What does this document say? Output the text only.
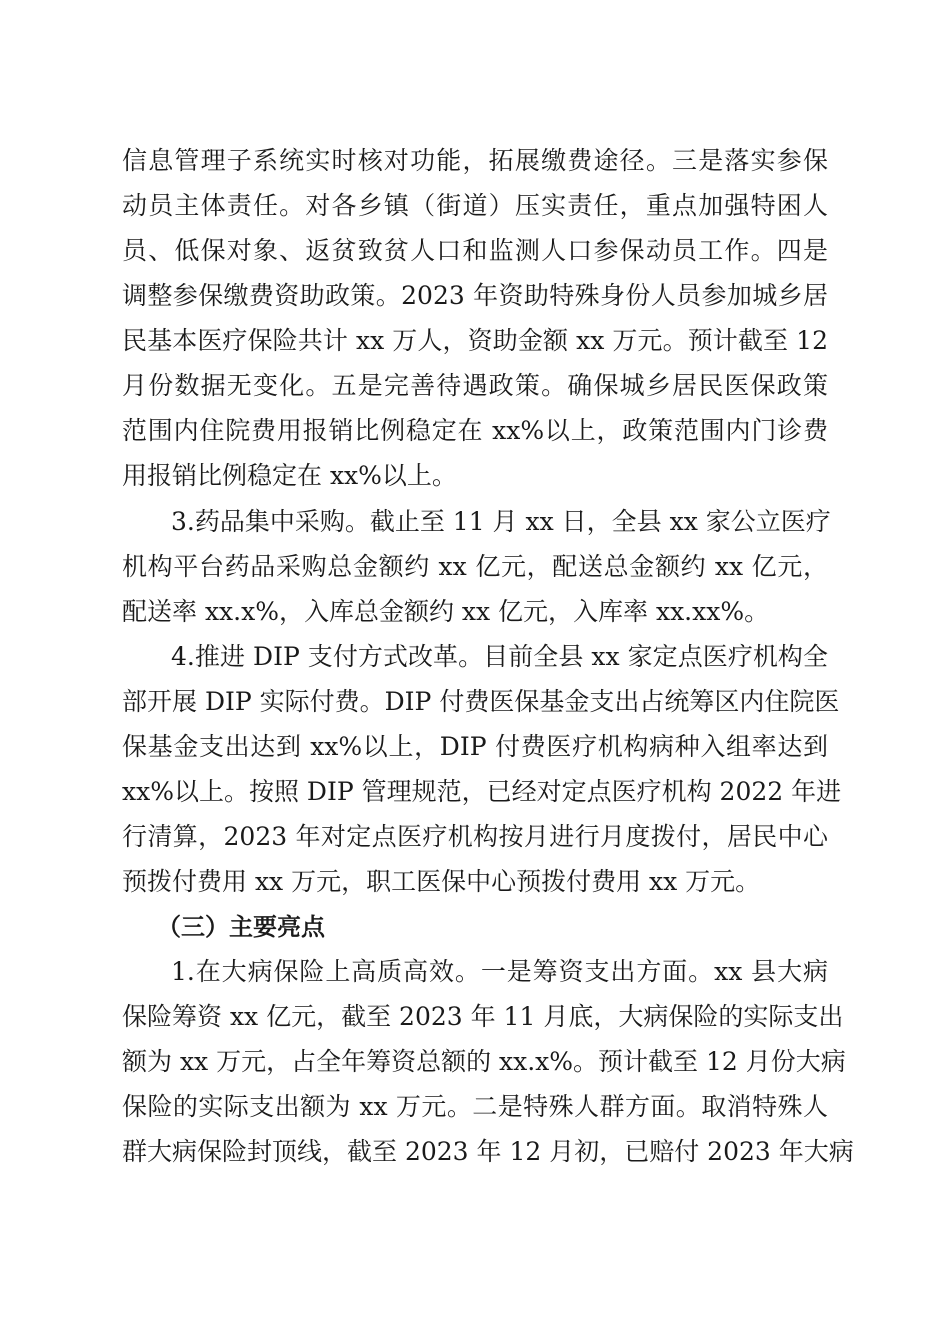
信息管理子系统实时核对功能，拓展缴费途径。三是落实参保
动员主体责任。对各乡镇（街道）压实责任，重点加强特困人
员、低保对象、返贫致贫人口和监测人口参保动员工作。四是
调整参保缴费资助政策。2023 年资助特殊身份人员参加城乡居
民基本医疗保险共计 xx 万人，资助金额 xx 万元。预计截至 12
月份数据无变化。五是完善待遇政策。确保城乡居民医保政策
范围内住院费用报销比例稳定在 xx%以上，政策范围内门诊费
用报销比例稳定在 xx%以上。
3.药品集中采购。截止至 11 月 xx 日，全县 xx 家公立医疗
机构平台药品采购总金额约 xx 亿元，配送总金额约 xx 亿元，
配送率 xx.x%，入库总金额约 xx 亿元，入库率 xx.xx%。
4.推进 DIP 支付方式改革。目前全县 xx 家定点医疗机构全
部开展 DIP 实际付费。DIP 付费医保基金支出占统筹区内住院医
保基金支出达到 xx%以上，DIP 付费医疗机构病种入组率达到
xx%以上。按照 DIP 管理规范，已经对定点医疗机构 2022 年进
行清算，2023 年对定点医疗机构按月进行月度拨付，居民中心
预拨付费用 xx 万元，职工医保中心预拨付费用 xx 万元。
（三）主要亮点
1.在大病保险上高质高效。一是筹资支出方面。xx 县大病
保险筹资 xx 亿元，截至 2023 年 11 月底，大病保险的实际支出
额为 xx 万元，占全年筹资总额的 xx.x%。预计截至 12 月份大病
保险的实际支出额为 xx 万元。二是特殊人群方面。取消特殊人
群大病保险封顶线，截至 2023 年 12 月初，已赔付 2023 年大病
